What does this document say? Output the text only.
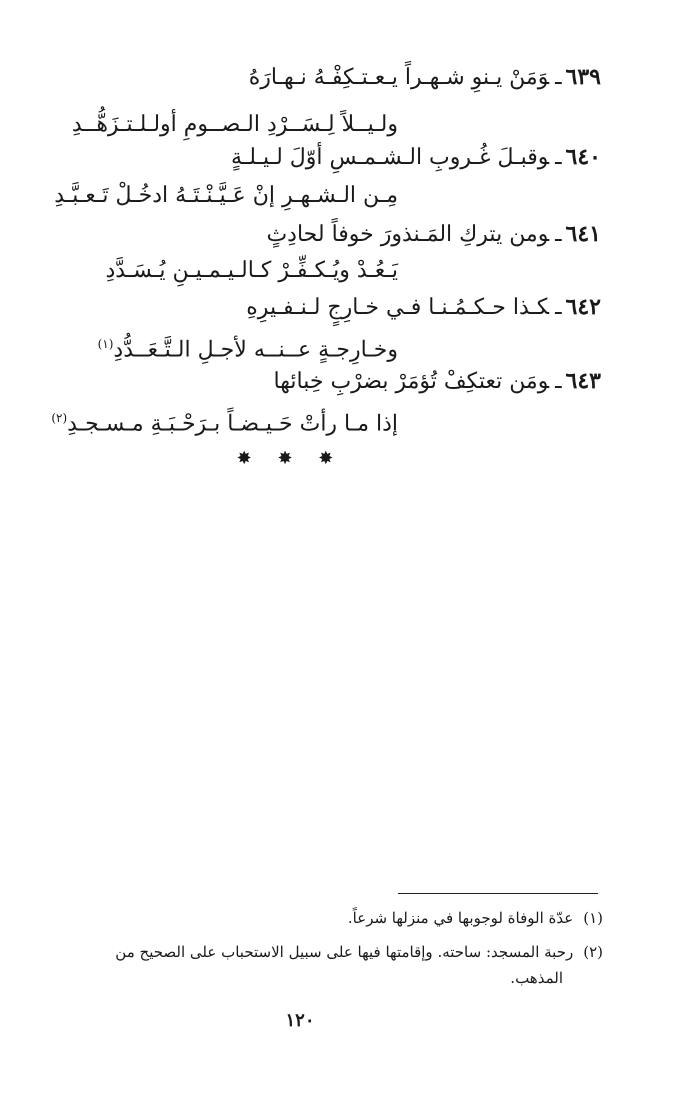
٦٣٩ـوَمَنْ يـنوِ شـهـراً يـعـتـكِفْـهُ نـهـارَهُ
ولـيــلاً لِـسَــرْدِ الـصــومِ أولـلـتـزَهُّــدِ
٦٤٠ـوقبـلَ غُـروبِ الـشـمـسِ أوّلَ لـيـلـةٍ
مِـن الـشـهـرِ إنْ عَـيَّـنْـتَـهُ ادخُـلْ تَـعـبَّـدِ
٦٤١ـومن يتركِ المَـنذورَ خوفاً لحادِثٍ
يَـعُـدْ ويُـكـفِّـرْ كـالـيـمـيـنِ يُـسَـدَّدِ
٦٤٢ـكـذا حـكـمُـنـا فـي خـارِجٍ لـنـفـيرِهِ
وخـارِجـةٍ عــنــه لأجـلِ الـتَّـعَــدُّدِ$^{(١)}$
٦٤٣ـومَن تعتكِفْ تُؤمَرْ بضرْبِ خِبائها
إذا مـا رأتْ حَـيـضـاً بـرَحْـبَـةِ مـسـجـدِ$^{(٢)}$
✸ ✸ ✸
(١)عدّة الوفاة لوجوبها في منزلها شرعاً.
(٢)رحبة المسجد: ساحته. وإقامتها فيها على سبيل الاستحباب على الصحيح من
المذهب.
١٢٠
